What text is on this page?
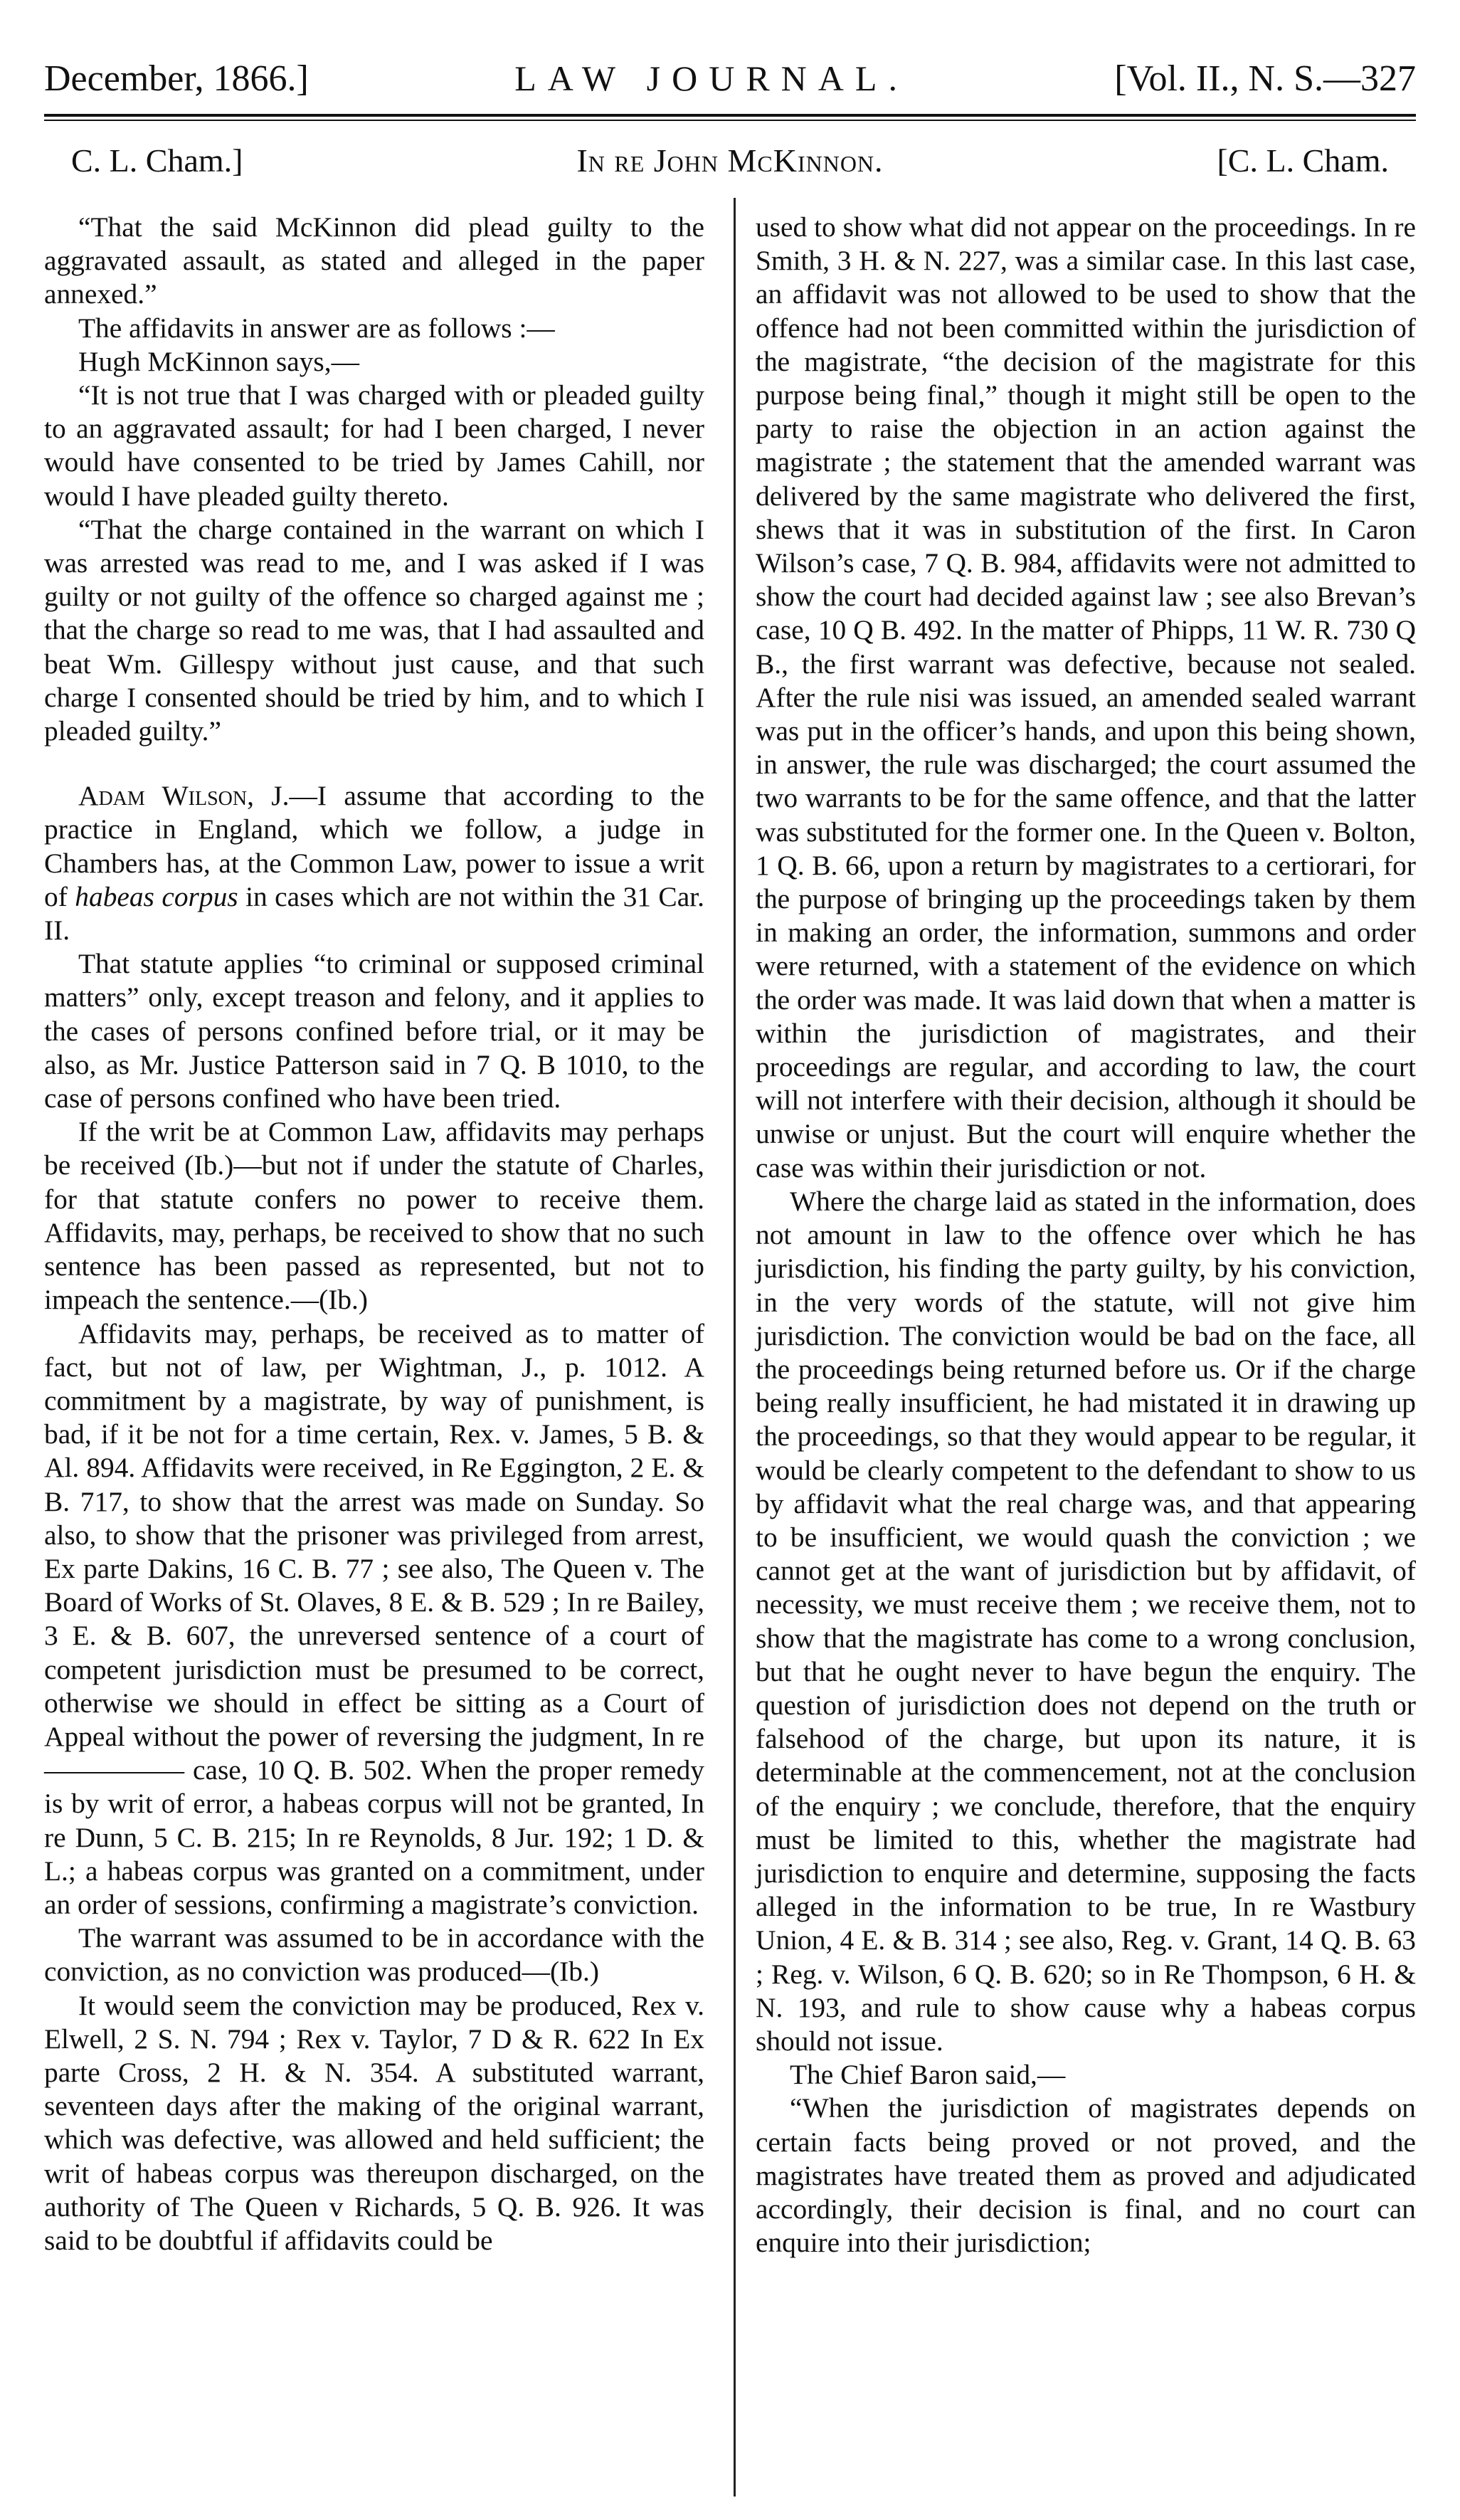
December, 1866.]	LAW JOURNAL.	[Vol. II., N. S.—327
C. L. Cham.]	In re John McKinnon.	[C. L. Cham.

“That the said McKinnon did plead guilty to the aggravated assault, as stated and alleged in the paper annexed.”

The affidavits in answer are as follows :—

Hugh McKinnon says,—

“It is not true that I was charged with or pleaded guilty to an aggravated assault; for had I been charged, I never would have consented to be tried by James Cahill, nor would I have pleaded guilty thereto.

“That the charge contained in the warrant on which I was arrested was read to me, and I was asked if I was guilty or not guilty of the offence so charged against me ; that the charge so read to me was, that I had assaulted and beat Wm. Gillespy without just cause, and that such charge I consented should be tried by him, and to which I pleaded guilty.”

Adam Wilson, J.—I assume that according to the practice in England, which we follow, a judge in Chambers has, at the Common Law, power to issue a writ of habeas corpus in cases which are not within the 31 Car. II.

That statute applies “to criminal or supposed criminal matters” only, except treason and felony, and it applies to the cases of persons confined before trial, or it may be also, as Mr. Justice Patterson said in 7 Q. B 1010, to the case of persons confined who have been tried.

If the writ be at Common Law, affidavits may perhaps be received (Ib.)—but not if under the statute of Charles, for that statute confers no power to receive them. Affidavits, may, perhaps, be received to show that no such sentence has been passed as represented, but not to impeach the sentence.—(Ib.)

Affidavits may, perhaps, be received as to matter of fact, but not of law, per Wightman, J., p. 1012. A commitment by a magistrate, by way of punishment, is bad, if it be not for a time certain, Rex. v. James, 5 B. & Al. 894. Affidavits were received, in Re Eggington, 2 E. & B. 717, to show that the arrest was made on Sunday. So also, to show that the prisoner was privileged from arrest, Ex parte Dakins, 16 C. B. 77 ; see also, The Queen v. The Board of Works of St. Olaves, 8 E. & B. 529 ; In re Bailey, 3 E. & B. 607, the unreversed sentence of a court of competent jurisdiction must be presumed to be correct, otherwise we should in effect be sitting as a Court of Appeal without the power of reversing the judgment, In re ————— case, 10 Q. B. 502. When the proper remedy is by writ of error, a habeas corpus will not be granted, In re Dunn, 5 C. B. 215; In re Reynolds, 8 Jur. 192; 1 D. & L.; a habeas corpus was granted on a commitment, under an order of sessions, confirming a magistrate’s conviction.

The warrant was assumed to be in accordance with the conviction, as no conviction was produced—(Ib.)

It would seem the conviction may be produced, Rex v. Elwell, 2 S. N. 794 ; Rex v. Taylor, 7 D & R. 622 In Ex parte Cross, 2 H. & N. 354. A substituted warrant, seventeen days after the making of the original warrant, which was defective, was allowed and held sufficient; the writ of habeas corpus was thereupon discharged, on the authority of The Queen v Richards, 5 Q. B. 926. It was said to be doubtful if affidavits could be

used to show what did not appear on the proceedings. In re Smith, 3 H. & N. 227, was a similar case. In this last case, an affidavit was not allowed to be used to show that the offence had not been committed within the jurisdiction of the magistrate, “the decision of the magistrate for this purpose being final,” though it might still be open to the party to raise the objection in an action against the magistrate ; the statement that the amended warrant was delivered by the same magistrate who delivered the first, shews that it was in substitution of the first. In Caron Wilson’s case, 7 Q. B. 984, affidavits were not admitted to show the court had decided against law ; see also Brevan’s case, 10 Q B. 492. In the matter of Phipps, 11 W. R. 730 Q B., the first warrant was defective, because not sealed. After the rule nisi was issued, an amended sealed warrant was put in the officer’s hands, and upon this being shown, in answer, the rule was discharged; the court assumed the two warrants to be for the same offence, and that the latter was substituted for the former one. In the Queen v. Bolton, 1 Q. B. 66, upon a return by magistrates to a certiorari, for the purpose of bringing up the proceedings taken by them in making an order, the information, summons and order were returned, with a statement of the evidence on which the order was made. It was laid down that when a matter is within the jurisdiction of magistrates, and their proceedings are regular, and according to law, the court will not interfere with their decision, although it should be unwise or unjust. But the court will enquire whether the case was within their jurisdiction or not.

Where the charge laid as stated in the information, does not amount in law to the offence over which he has jurisdiction, his finding the party guilty, by his conviction, in the very words of the statute, will not give him jurisdiction. The conviction would be bad on the face, all the proceedings being returned before us. Or if the charge being really insufficient, he had mistated it in drawing up the proceedings, so that they would appear to be regular, it would be clearly competent to the defendant to show to us by affidavit what the real charge was, and that appearing to be insufficient, we would quash the conviction ; we cannot get at the want of jurisdiction but by affidavit, of necessity, we must receive them ; we receive them, not to show that the magistrate has come to a wrong conclusion, but that he ought never to have begun the enquiry. The question of jurisdiction does not depend on the truth or falsehood of the charge, but upon its nature, it is determinable at the commencement, not at the conclusion of the enquiry ; we conclude, therefore, that the enquiry must be limited to this, whether the magistrate had jurisdiction to enquire and determine, supposing the facts alleged in the information to be true, In re Wastbury Union, 4 E. & B. 314 ; see also, Reg. v. Grant, 14 Q. B. 63 ; Reg. v. Wilson, 6 Q. B. 620; so in Re Thompson, 6 H. & N. 193, and rule to show cause why a habeas corpus should not issue.

The Chief Baron said,—

“When the jurisdiction of magistrates depends on certain facts being proved or not proved, and the magistrates have treated them as proved and adjudicated accordingly, their decision is final, and no court can enquire into their jurisdiction;
